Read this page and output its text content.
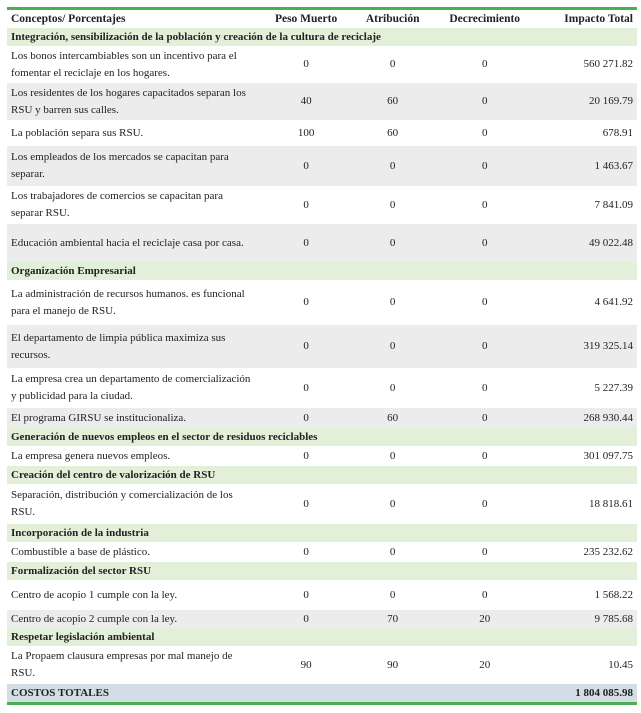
Conceptos/ Porcentajes	Peso Muerto	Atribución	Decrecimiento	Impacto Total
Integración, sensibilización de la población y creación de la cultura de reciclaje				
Los bonos intercambiables son un incentivo para el fomentar el reciclaje en los hogares.	0	0	0	560 271.82
Los residentes de los hogares capacitados separan los RSU y barren sus calles.	40	60	0	20 169.79
La población separa sus RSU.	100	60	0	678.91
Los empleados de los mercados se capacitan para separar.	0	0	0	1 463.67
Los trabajadores de comercios se capacitan para separar RSU.	0	0	0	7 841.09
Educación ambiental hacia el reciclaje casa por casa.	0	0	0	49 022.48
Organización Empresarial				
La administración de recursos humanos. es funcional para el manejo de RSU.	0	0	0	4 641.92
El departamento de limpia pública maximiza sus recursos.	0	0	0	319 325.14
La empresa crea un departamento de comercialización y publicidad para la ciudad.	0	0	0	5 227.39
El programa GIRSU se institucionaliza.	0	60	0	268 930.44
Generación de nuevos empleos en el sector de residuos reciclables				
La empresa genera nuevos empleos.	0	0	0	301 097.75
Creación del centro de valorización de RSU				
Separación, distribución y comercialización de los RSU.	0	0	0	18 818.61
Incorporación de la industria				
Combustible a base de plástico.	0	0	0	235 232.62
Formalización del sector RSU				
Centro de acopio 1 cumple con la ley.	0	0	0	1 568.22
Centro de acopio 2 cumple con la ley.	0	70	20	9 785.68
Respetar legislación ambiental				
La Propaem clausura empresas por mal manejo de RSU.	90	90	20	10.45
COSTOS TOTALES				1 804 085.98
